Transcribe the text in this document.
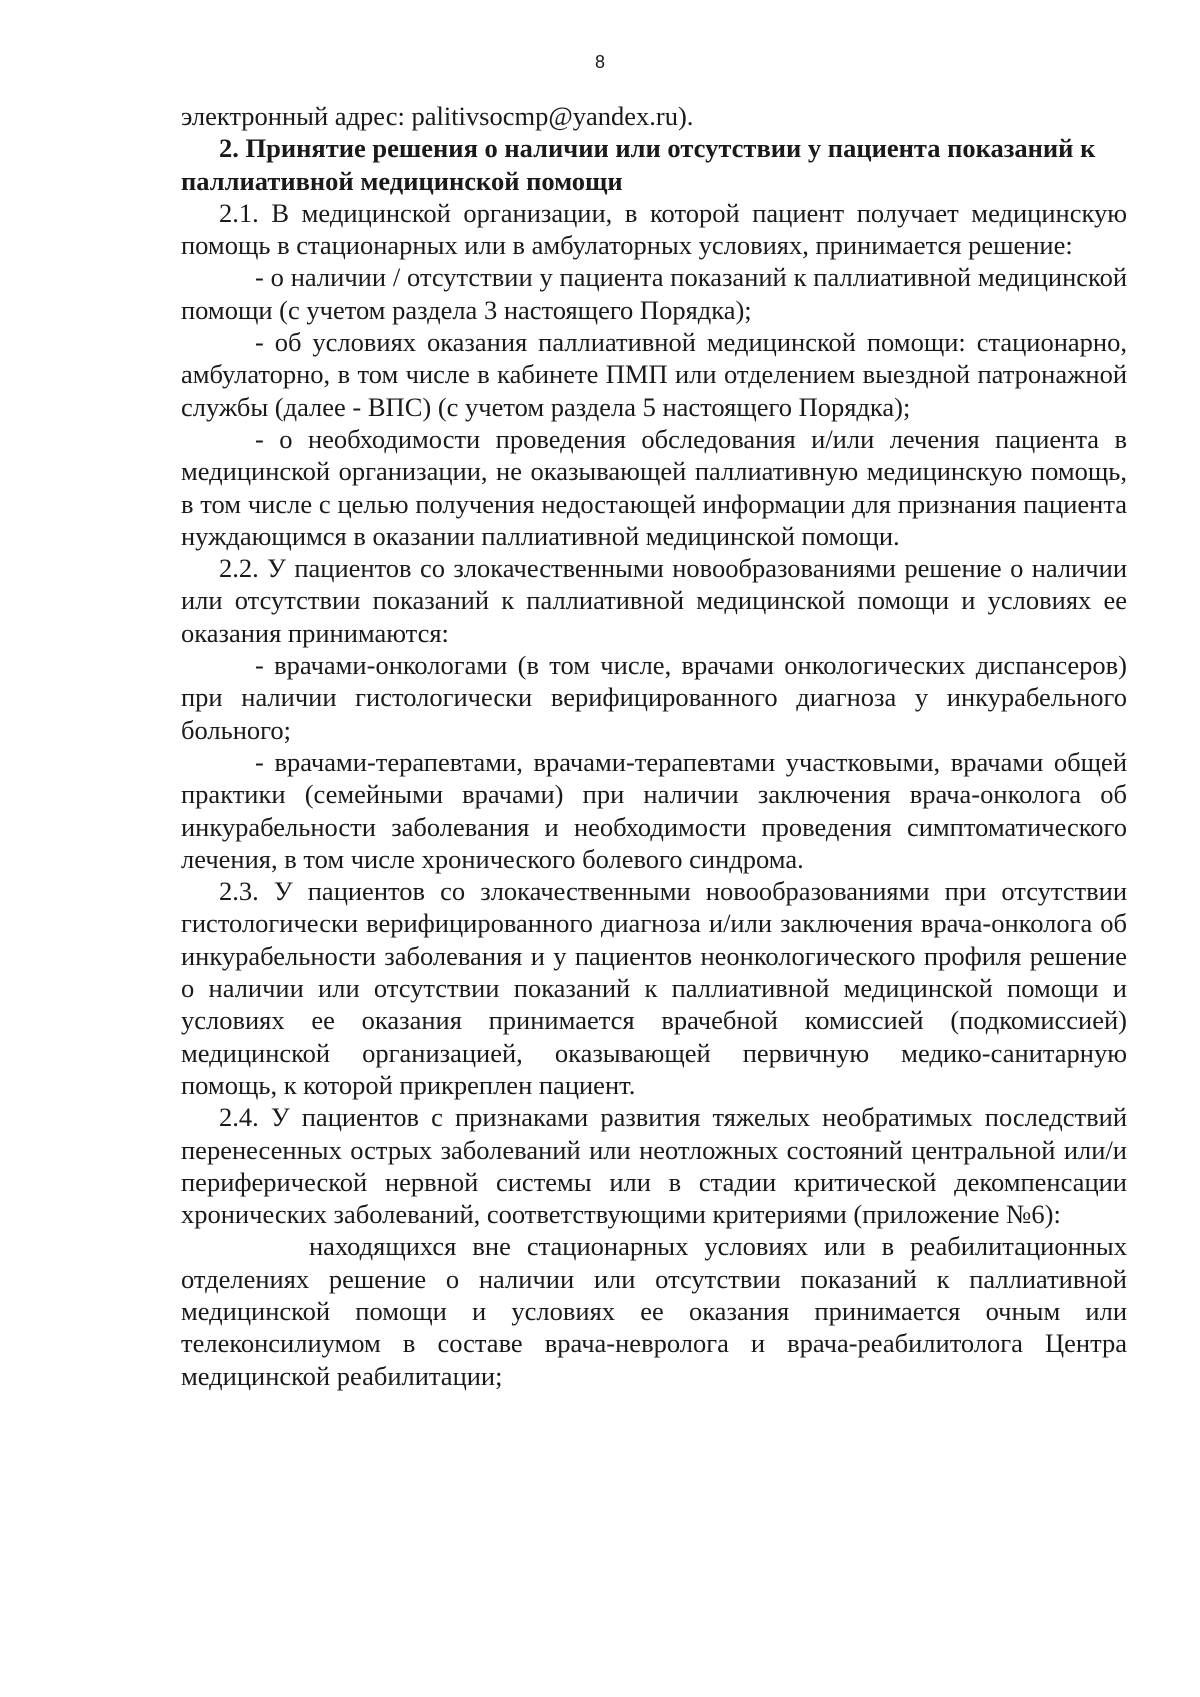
8

электронный адрес: palitivsocmp@yandex.ru).

2. Принятие решения о наличии или отсутствии у пациента показаний к паллиативной медицинской помощи

2.1. В медицинской организации, в которой пациент получает медицинскую помощь в стационарных или в амбулаторных условиях, принимается решение:

- о наличии / отсутствии у пациента показаний к паллиативной медицинской помощи (с учетом раздела 3 настоящего Порядка);

- об условиях оказания паллиативной медицинской помощи: стационарно, амбулаторно, в том числе в кабинете ПМП или отделением выездной патронажной службы (далее - ВПС) (с учетом раздела 5 настоящего Порядка);

- о необходимости проведения обследования и/или лечения пациента в медицинской организации, не оказывающей паллиативную медицинскую помощь, в том числе с целью получения недостающей информации для признания пациента нуждающимся в оказании паллиативной медицинской помощи.

2.2. У пациентов со злокачественными новообразованиями решение о наличии или отсутствии показаний к паллиативной медицинской помощи и условиях ее оказания принимаются:

- врачами-онкологами (в том числе, врачами онкологических диспансеров) при наличии гистологически верифицированного диагноза у инкурабельного больного;

- врачами-терапевтами, врачами-терапевтами участковыми, врачами общей практики (семейными врачами) при наличии заключения врача-онколога об инкурабельности заболевания и необходимости проведения симптоматического лечения, в том числе хронического болевого синдрома.

2.3. У пациентов со злокачественными новообразованиями при отсутствии гистологически верифицированного диагноза и/или заключения врача-онколога об инкурабельности заболевания и у пациентов неонкологического профиля решение о наличии или отсутствии показаний к паллиативной медицинской помощи и условиях ее оказания принимается врачебной комиссией (подкомиссией) медицинской организацией, оказывающей первичную медико-санитарную помощь, к которой прикреплен пациент.

2.4. У пациентов с признаками развития тяжелых необратимых последствий перенесенных острых заболеваний или неотложных состояний центральной или/и периферической нервной системы или в стадии критической декомпенсации хронических заболеваний, соответствующими критериями (приложение №6):

находящихся вне стационарных условиях или в реабилитационных отделениях решение о наличии или отсутствии показаний к паллиативной медицинской помощи и условиях ее оказания принимается очным или телеконсилиумом в составе врача-невролога и врача-реабилитолога Центра медицинской реабилитации;
